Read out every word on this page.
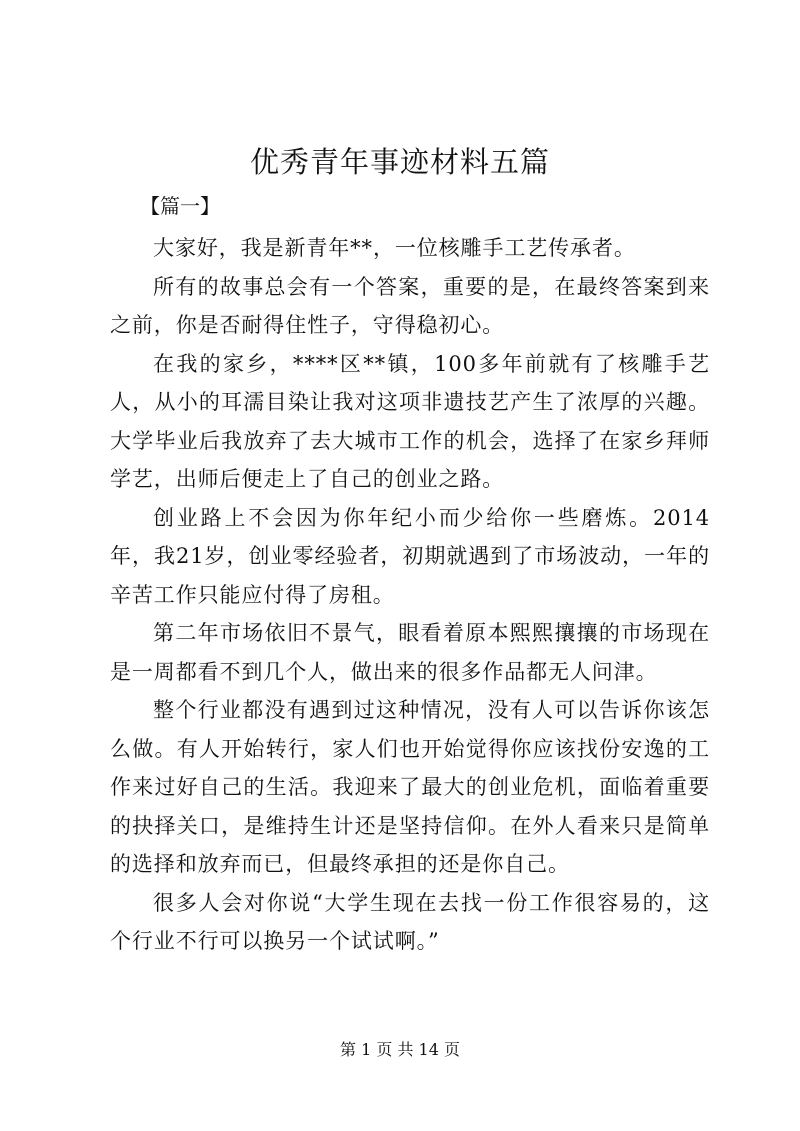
优秀青年事迹材料五篇
【篇一】

大家好，我是新青年**，一位核雕手工艺传承者。

所有的故事总会有一个答案，重要的是，在最终答案到来之前，你是否耐得住性子，守得稳初心。

在我的家乡，****区**镇，100多年前就有了核雕手艺人，从小的耳濡目染让我对这项非遗技艺产生了浓厚的兴趣。大学毕业后我放弃了去大城市工作的机会，选择了在家乡拜师学艺，出师后便走上了自己的创业之路。

创业路上不会因为你年纪小而少给你一些磨炼。2014年，我21岁，创业零经验者，初期就遇到了市场波动，一年的辛苦工作只能应付得了房租。

第二年市场依旧不景气，眼看着原本熙熙攘攘的市场现在是一周都看不到几个人，做出来的很多作品都无人问津。

整个行业都没有遇到过这种情况，没有人可以告诉你该怎么做。有人开始转行，家人们也开始觉得你应该找份安逸的工作来过好自己的生活。我迎来了最大的创业危机，面临着重要的抉择关口，是维持生计还是坚持信仰。在外人看来只是简单的选择和放弃而已，但最终承担的还是你自己。

很多人会对你说“大学生现在去找一份工作很容易的，这个行业不行可以换另一个试试啊。”

第 1 页 共 14 页
